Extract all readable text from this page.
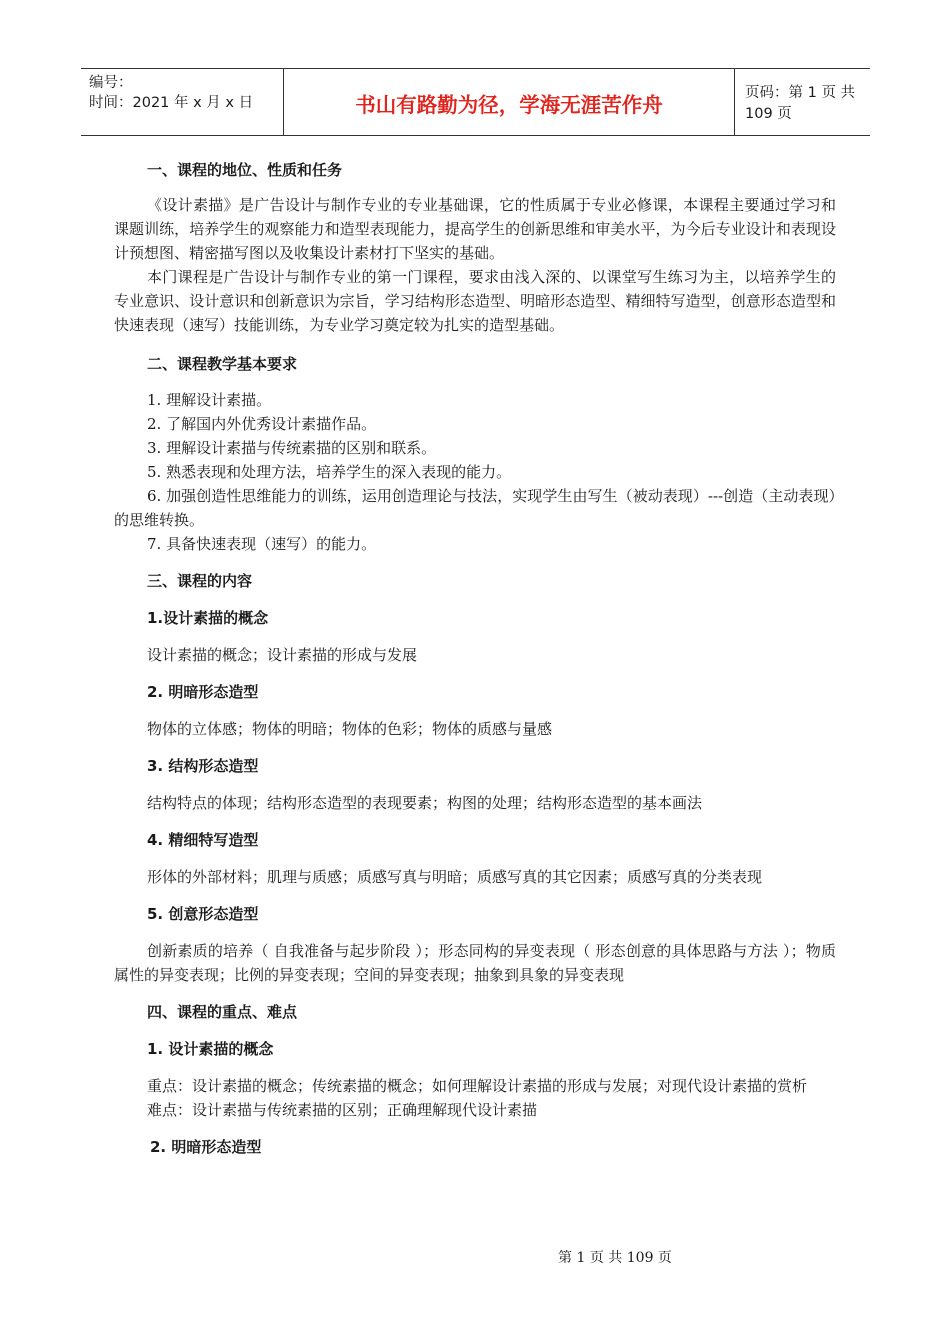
编号：
时间：2021 年 x 月 x 日	书山有路勤为径，学海无涯苦作舟	页码：第 1 页 共 109 页
一、课程的地位、性质和任务
《设计素描》是广告设计与制作专业的专业基础课，它的性质属于专业必修课，本课程主要通过学习和课题训练，培养学生的观察能力和造型表现能力，提高学生的创新思维和审美水平，为今后专业设计和表现设计预想图、精密描写图以及收集设计素材打下坚实的基础。
本门课程是广告设计与制作专业的第一门课程，要求由浅入深的、以课堂写生练习为主，以培养学生的专业意识、设计意识和创新意识为宗旨，学习结构形态造型、明暗形态造型、精细特写造型，创意形态造型和快速表现（速写）技能训练，为专业学习奠定较为扎实的造型基础。
二、课程教学基本要求
1. 理解设计素描。
2. 了解国内外优秀设计素描作品。
3. 理解设计素描与传统素描的区别和联系。
5. 熟悉表现和处理方法，培养学生的深入表现的能力。
6. 加强创造性思维能力的训练，运用创造理论与技法，实现学生由写生（被动表现）---创造（主动表现）的思维转换。
7. 具备快速表现（速写）的能力。
三、课程的内容
1.设计素描的概念
设计素描的概念；设计素描的形成与发展
2. 明暗形态造型
物体的立体感；物体的明暗；物体的色彩；物体的质感与量感
3. 结构形态造型
结构特点的体现；结构形态造型的表现要素；构图的处理；结构形态造型的基本画法
4. 精细特写造型
形体的外部材料；肌理与质感；质感写真与明暗；质感写真的其它因素；质感写真的分类表现
5. 创意形态造型
创新素质的培养（ 自我准备与起步阶段 ）；形态同构的异变表现（ 形态创意的具体思路与方法 ）；物质属性的异变表现；比例的异变表现；空间的异变表现；抽象到具象的异变表现
四、课程的重点、难点
1. 设计素描的概念
重点：设计素描的概念；传统素描的概念；如何理解设计素描的形成与发展；对现代设计素描的赏析
难点：设计素描与传统素描的区别；正确理解现代设计素描
2. 明暗形态造型
第 1 页 共 109 页
